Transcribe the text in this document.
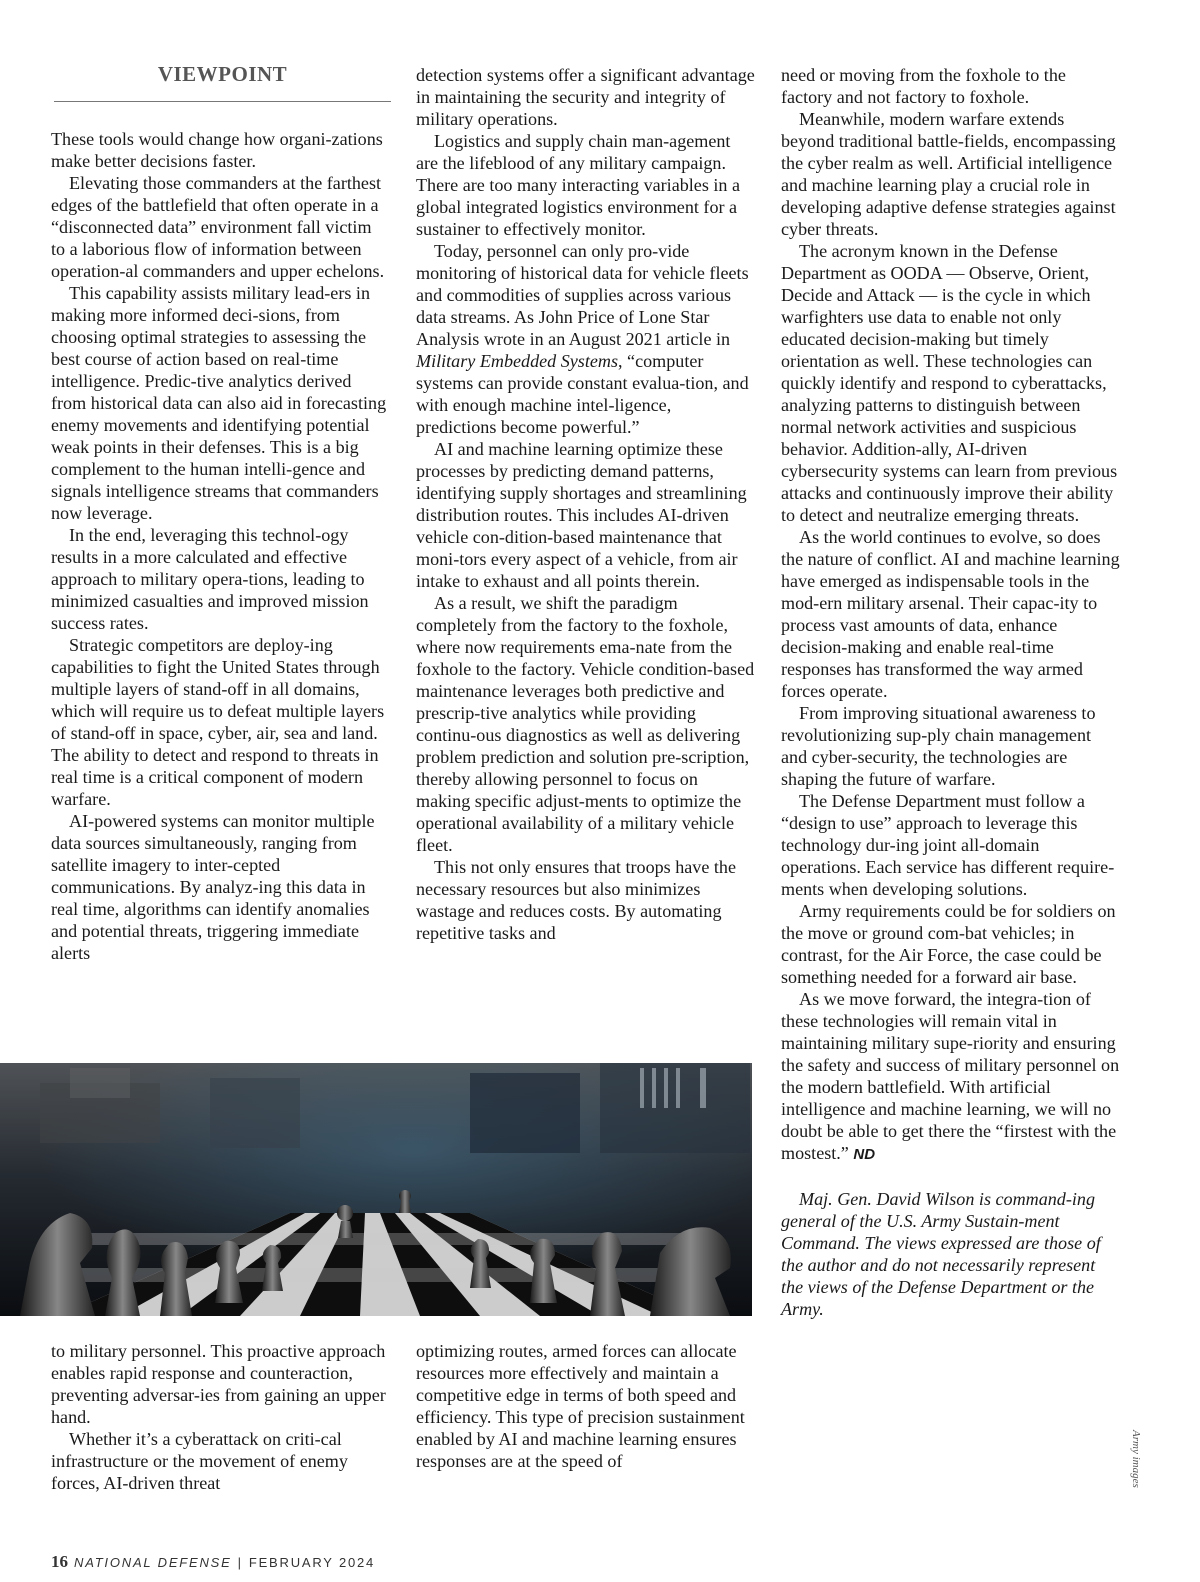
VIEWPOINT

These tools would change how organi-zations make better decisions faster.

Elevating those commanders at the farthest edges of the battlefield that often operate in a “disconnected data” environment fall victim to a laborious flow of information between operation-al commanders and upper echelons.

This capability assists military lead-ers in making more informed deci-sions, from choosing optimal strategies to assessing the best course of action based on real-time intelligence. Predic-tive analytics derived from historical data can also aid in forecasting enemy movements and identifying potential weak points in their defenses. This is a big complement to the human intelli-gence and signals intelligence streams that commanders now leverage.

In the end, leveraging this technol-ogy results in a more calculated and effective approach to military opera-tions, leading to minimized casualties and improved mission success rates.

Strategic competitors are deploy-ing capabilities to fight the United States through multiple layers of stand-off in all domains, which will require us to defeat multiple layers of stand-off in space, cyber, air, sea and land. The ability to detect and respond to threats in real time is a critical component of modern warfare.

AI-powered systems can monitor multiple data sources simultaneously, ranging from satellite imagery to inter-cepted communications. By analyz-ing this data in real time, algorithms can identify anomalies and potential threats, triggering immediate alerts

detection systems offer a significant advantage in maintaining the security and integrity of military operations.

Logistics and supply chain man-agement are the lifeblood of any military campaign. There are too many interacting variables in a global integrated logistics environment for a sustainer to effectively monitor.

Today, personnel can only pro-vide monitoring of historical data for vehicle fleets and commodities of supplies across various data streams. As John Price of Lone Star Analysis wrote in an August 2021 article in Military Embedded Systems, “computer systems can provide constant evalua-tion, and with enough machine intel-ligence, predictions become powerful.”

AI and machine learning optimize these processes by predicting demand patterns, identifying supply shortages and streamlining distribution routes. This includes AI-driven vehicle con-dition-based maintenance that moni-tors every aspect of a vehicle, from air intake to exhaust and all points therein.

As a result, we shift the paradigm completely from the factory to the foxhole, where now requirements ema-nate from the foxhole to the factory. Vehicle condition-based maintenance leverages both predictive and prescrip-tive analytics while providing continu-ous diagnostics as well as delivering problem prediction and solution pre-scription, thereby allowing personnel to focus on making specific adjust-ments to optimize the operational availability of a military vehicle fleet.

This not only ensures that troops have the necessary resources but also minimizes wastage and reduces costs. By automating repetitive tasks and

need or moving from the foxhole to the factory and not factory to foxhole.

Meanwhile, modern warfare extends beyond traditional battle-fields, encompassing the cyber realm as well. Artificial intelligence and machine learning play a crucial role in developing adaptive defense strategies against cyber threats.

The acronym known in the Defense Department as OODA — Observe, Orient, Decide and Attack — is the cycle in which warfighters use data to enable not only educated decision-making but timely orientation as well. These technologies can quickly identify and respond to cyberattacks, analyzing patterns to distinguish between normal network activities and suspicious behavior. Addition-ally, AI-driven cybersecurity systems can learn from previous attacks and continuously improve their ability to detect and neutralize emerging threats.

As the world continues to evolve, so does the nature of conflict. AI and machine learning have emerged as indispensable tools in the mod-ern military arsenal. Their capac-ity to process vast amounts of data, enhance decision-making and enable real-time responses has transformed the way armed forces operate.

From improving situational awareness to revolutionizing sup-ply chain management and cyber-security, the technologies are shaping the future of warfare.

The Defense Department must follow a “design to use” approach to leverage this technology dur-ing joint all-domain operations. Each service has different require-ments when developing solutions.

Army requirements could be for soldiers on the move or ground com-bat vehicles; in contrast, for the Air Force, the case could be something needed for a forward air base.

As we move forward, the integra-tion of these technologies will remain vital in maintaining military supe-riority and ensuring the safety and success of military personnel on the modern battlefield. With artificial intelligence and machine learning, we will no doubt be able to get there the “firstest with the mostest.” ND

Maj. Gen. David Wilson is command-ing general of the U.S. Army Sustain-ment Command. The views expressed are those of the author and do not necessarily represent the views of the Defense Department or the Army.

to military personnel. This proactive approach enables rapid response and counteraction, preventing adversar-ies from gaining an upper hand.

Whether it’s a cyberattack on criti-cal infrastructure or the movement of enemy forces, AI-driven threat

optimizing routes, armed forces can allocate resources more effectively and maintain a competitive edge in terms of both speed and efficiency. This type of precision sustainment enabled by AI and machine learning ensures responses are at the speed of	Army images
16 NATIONAL DEFENSE | FEBRUARY 2024
